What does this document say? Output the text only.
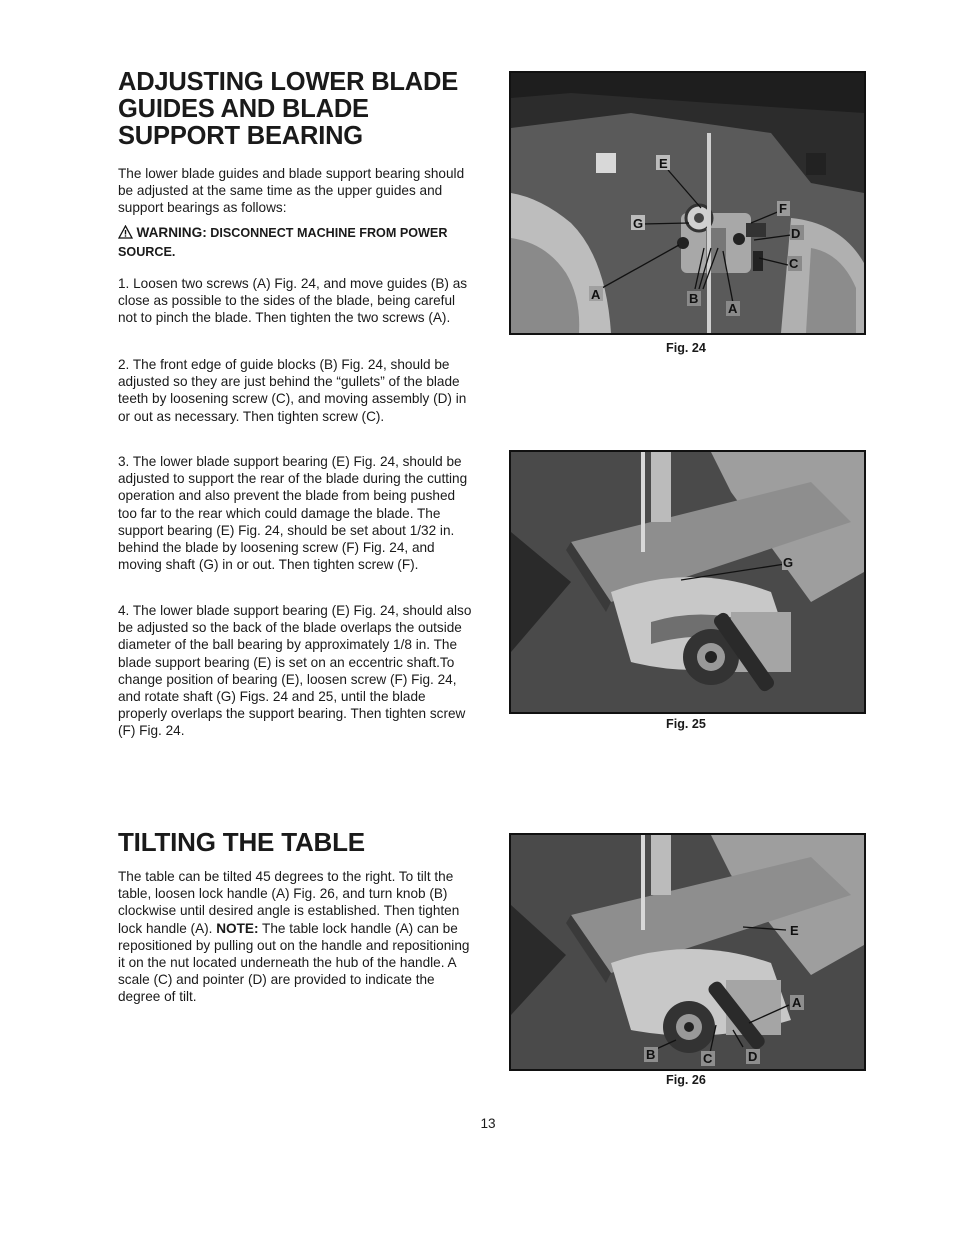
ADJUSTING LOWER BLADE
GUIDES AND BLADE
SUPPORT BEARING

The lower blade guides and blade support bearing should be adjusted at the same time as the upper guides and support bearings as follows:

WARNING: DISCONNECT MACHINE FROM POWER SOURCE.

1. Loosen two screws (A) Fig. 24, and move guides (B) as close as possible to the sides of the blade, being careful not to pinch the blade. Then tighten the two screws (A).

2. The front edge of guide blocks (B) Fig. 24, should be adjusted so they are just behind the “gullets” of the blade teeth by loosening screw (C), and moving assembly (D) in or out as necessary. Then tighten screw (C).

3. The lower blade support bearing (E) Fig. 24, should be adjusted to support the rear of the blade during the cutting operation and also prevent the blade from being pushed too far to the rear which could damage the blade. The support bearing (E) Fig. 24, should be set about 1/32 in. behind the blade by loosening screw (F) Fig. 24, and moving shaft (G) in or out. Then tighten screw (F).

4. The lower blade support bearing (E) Fig. 24, should also be adjusted so the back of the blade overlaps the outside diameter of the ball bearing by approximately 1/8 in. The blade support bearing (E) is set on an eccentric shaft.To change position of bearing (E), loosen screw (F) Fig. 24, and rotate shaft (G) Figs. 24 and 25, until the blade properly overlaps the support bearing. Then tighten screw (F) Fig. 24.

TILTING THE TABLE

The table can be tilted 45 degrees to the right. To tilt the table, loosen lock handle (A) Fig. 26, and turn knob (B) clockwise until desired angle is established. Then tighten lock handle (A). NOTE: The table lock handle (A) can be repositioned by pulling out on the handle and repositioning it on the nut located underneath the hub of the handle. A scale (C) and pointer (D) are provided to indicate the degree of tilt.

E
F
G
D
C
A	B
A
Fig. 24
G
Fig. 25
E
A
B	C	D
Fig. 26
13
